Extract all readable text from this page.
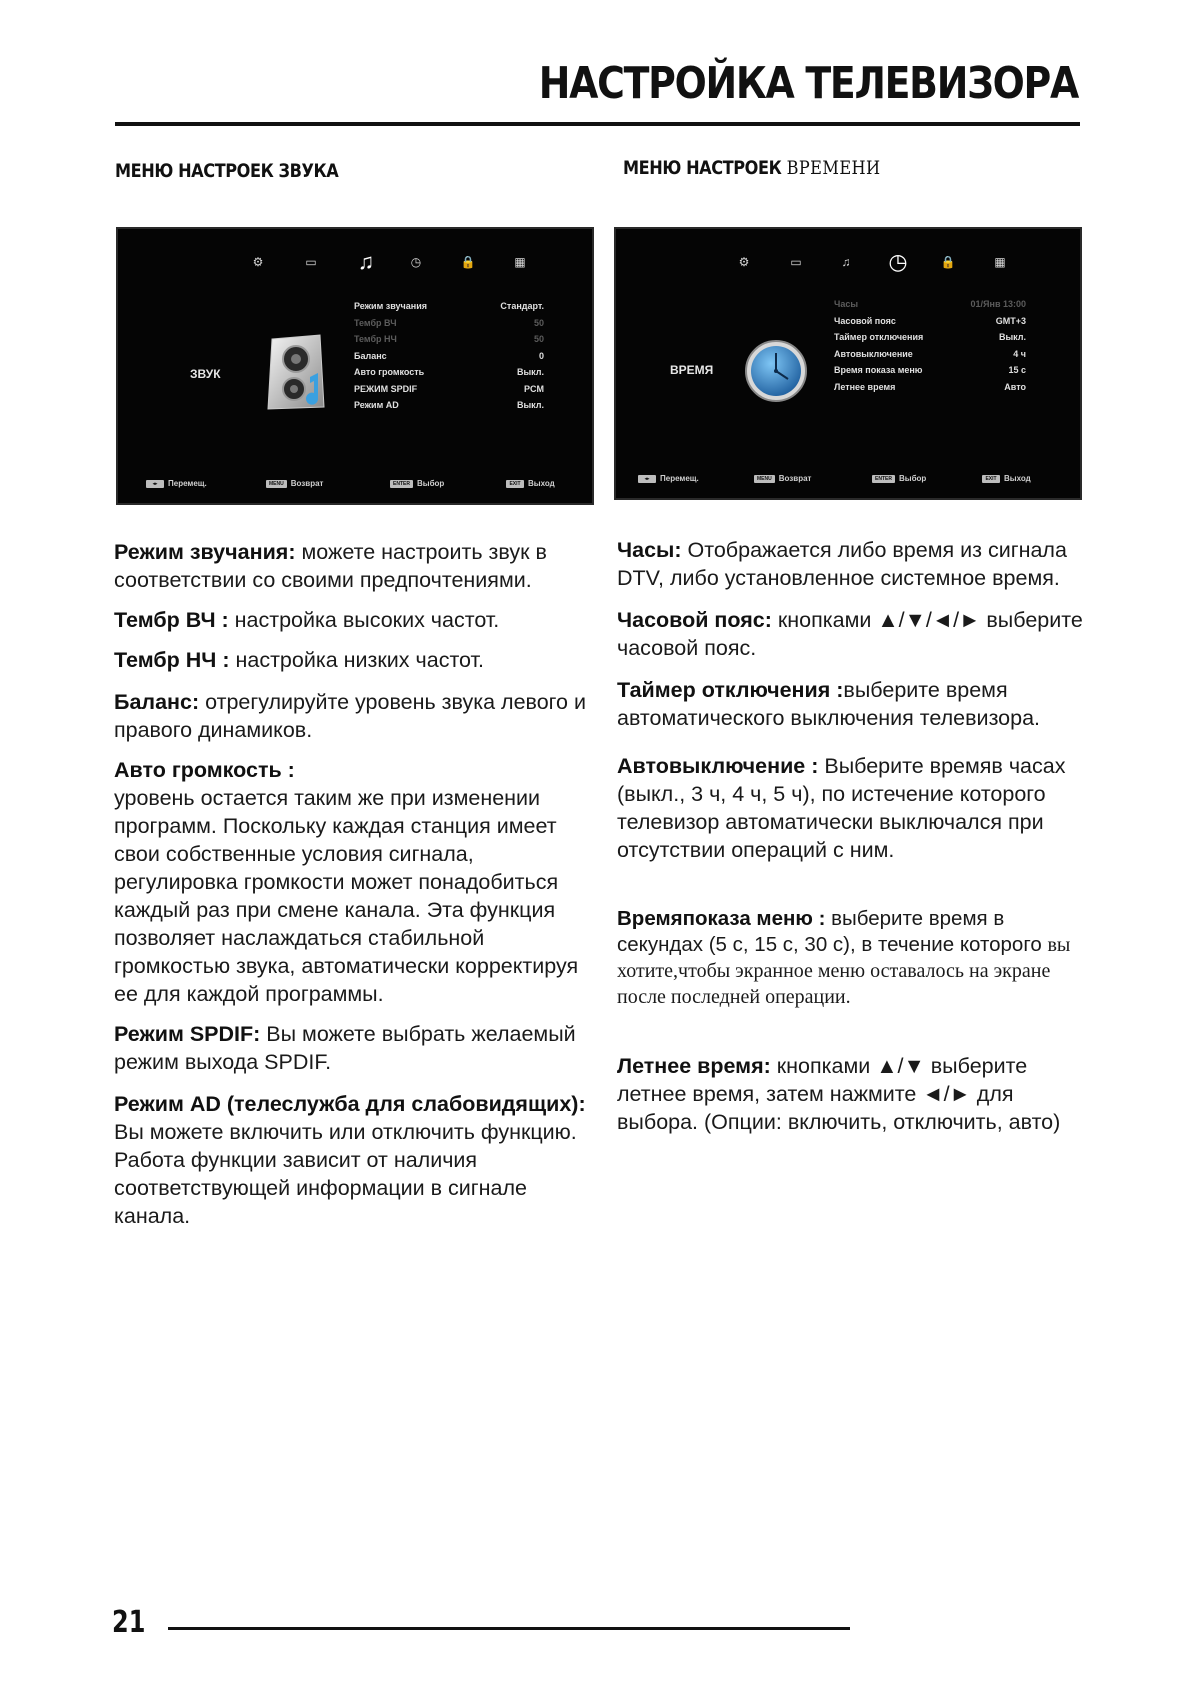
НАСТРОЙКА ТЕЛЕВИЗОРА
МЕНЮ НАСТРОЕК ЗВУКА	МЕНЮ НАСТРОЕК ВРЕМЕНИ
⚙	▭ ♫	◷	🔒	▦
ЗВУК
Режим звучания	Стандарт.
Тембр ВЧ	50
Тембр НЧ	50
Баланс	0
Авто громкость	Выкл.
РЕЖИМ SPDIF	PCM
Режим AD	Выкл.
◂▸ Перемещ.	MENU Возврат	ENTER Выбор	EXIT Выход
⚙	▭	♫	◷	🔒	▦
ВРЕМЯ
Часы	01/Янв 13:00
Часовой пояс	GMT+3
Таймер отключения	Выкл.
Автовыключение	4 ч
Время показа меню	15 с
Летнее время	Авто
◂▸ Перемещ.	MENU Возврат	ENTER Выбор	EXIT Выход

Режим звучания: можете настроить звук в соответствии со своими предпочтениями.

Тембр ВЧ : настройка высоких частот.

Тембр НЧ : настройка низких частот.

Баланс: отрегулируйте уровень звука левого и правого динамиков.

Авто громкость :
уровень остается таким же при изменении программ. Поскольку каждая станция имеет свои собственные условия сигнала, регулировка громкости может понадобиться каждый раз при смене канала. Эта функция позволяет наслаждаться стабильной громкостью звука, автоматически корректируя ее для каждой программы.

Режим SPDIF: Вы можете выбрать желаемый режим выхода SPDIF.

Режим AD (телеслужба для слабовидящих):
Вы можете включить или отключить функцию.
Работа функции зависит от наличия соответствующей информации в сигнале канала.

Часы: Отображается либо время из сигнала DTV, либо установленное системное время.

Часовой пояс: кнопками ▲/▼/◄/► выберите часовой пояс.

Таймер отключения :выберите время автоматического выключения телевизора.

Автовыключение : Выберите времяв часах (выкл., 3 ч, 4 ч, 5 ч), по истечение которого телевизор автоматически выключался при отсутствии операций с ним.

Времяпоказа меню : выберите время в секундах (5 с, 15 с, 30 с), в течение которого вы хотите,чтобы экранное меню оставалось на экране после последней операции.

Летнее время: кнопками ▲/▼ выберите летнее время, затем нажмите ◄/► для выбора. (Опции: включить, отключить, авто)

21
